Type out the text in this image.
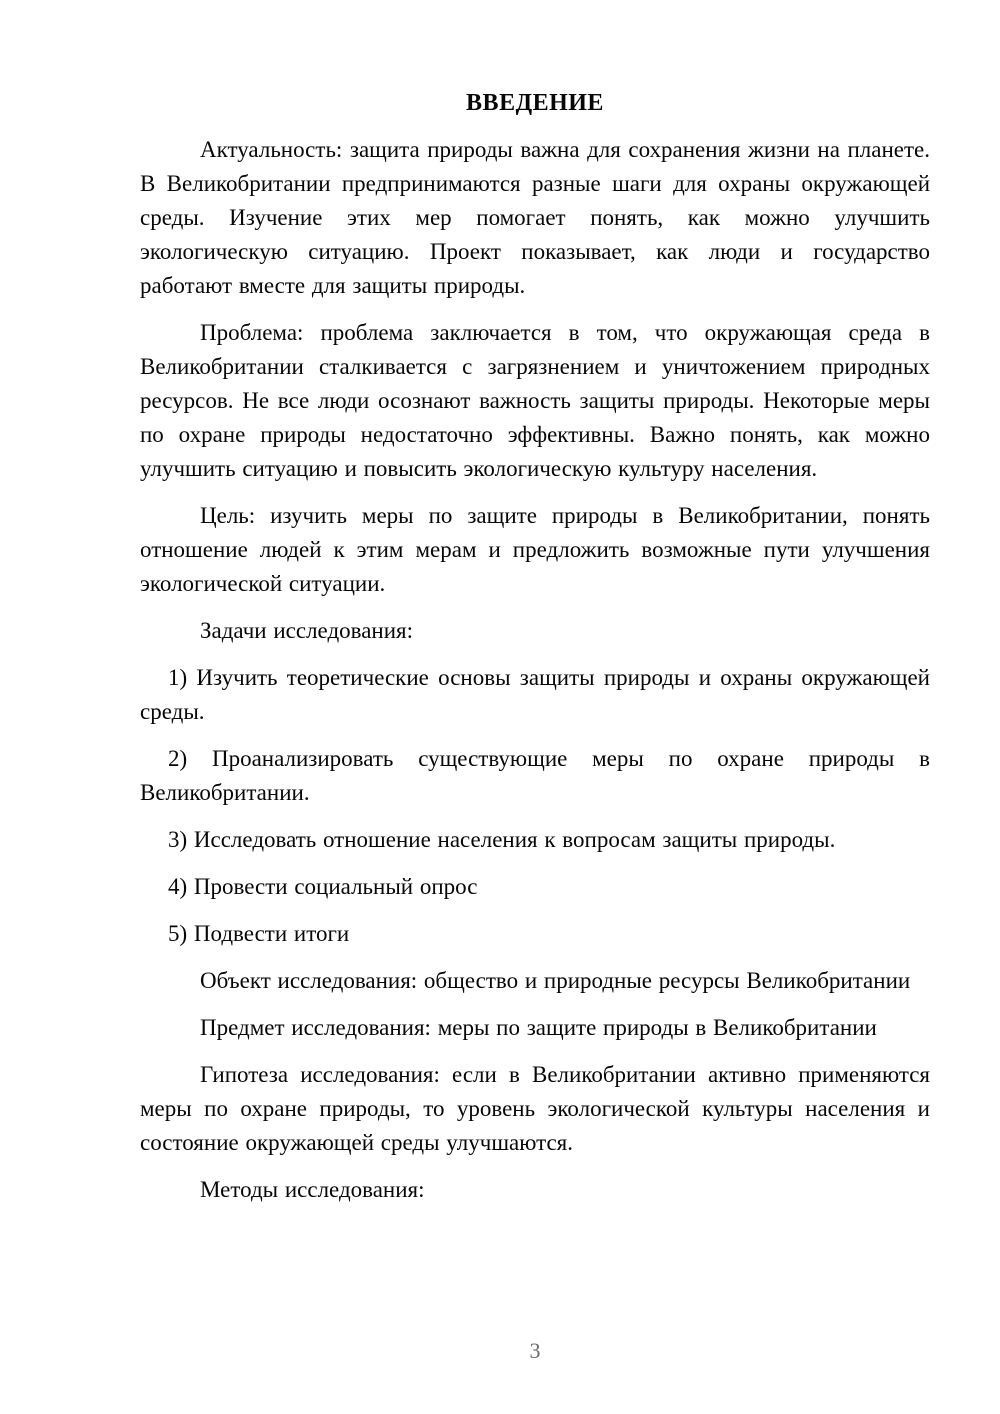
ВВЕДЕНИЕ

Актуальность: защита природы важна для сохранения жизни на планете. В Великобритании предпринимаются разные шаги для охраны окружающей среды. Изучение этих мер помогает понять, как можно улучшить экологическую ситуацию. Проект показывает, как люди и государство работают вместе для защиты природы.

Проблема: проблема заключается в том, что окружающая среда в Великобритании сталкивается с загрязнением и уничтожением природных ресурсов. Не все люди осознают важность защиты природы. Некоторые меры по охране природы недостаточно эффективны. Важно понять, как можно улучшить ситуацию и повысить экологическую культуру населения.

Цель: изучить меры по защите природы в Великобритании, понять отношение людей к этим мерам и предложить возможные пути улучшения экологической ситуации.

Задачи исследования:

1) Изучить теоретические основы защиты природы и охраны окружающей среды.

2) Проанализировать существующие меры по охране природы в Великобритании.

3) Исследовать отношение населения к вопросам защиты природы.

4) Провести социальный опрос

5) Подвести итоги

Объект исследования: общество и природные ресурсы Великобритании

Предмет исследования: меры по защите природы в Великобритании

Гипотеза исследования: если в Великобритании активно применяются меры по охране природы, то уровень экологической культуры населения и состояние окружающей среды улучшаются.

Методы исследования:

3
